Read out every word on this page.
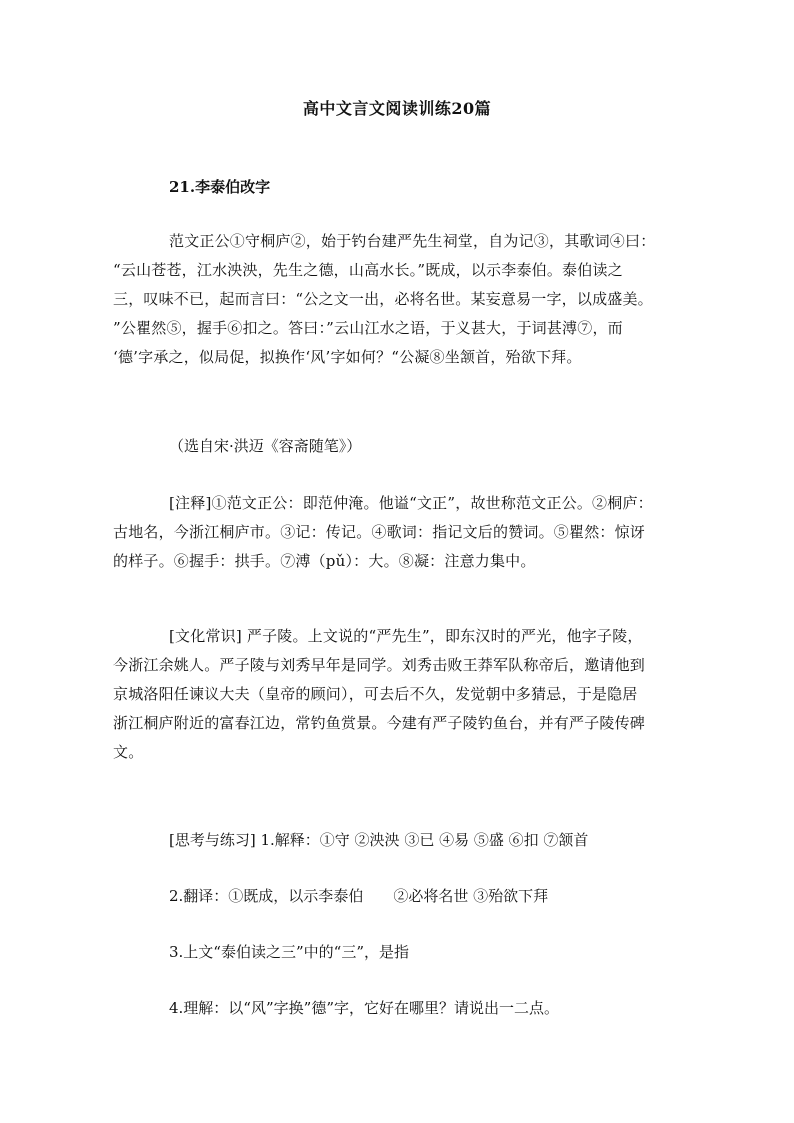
高中文言文阅读训练20篇
21.李泰伯改字
范文正公①守桐庐②，始于钓台建严先生祠堂，自为记③，其歌词④曰：
“云山苍苍，江水泱泱，先生之德，山高水长。”既成，以示李泰伯。泰伯读之
三，叹味不已，起而言曰：“公之文一出，必将名世。某妄意易一字，以成盛美。
”公瞿然⑤，握手⑥扣之。答曰：”云山江水之语，于义甚大，于词甚溥⑦，而
‘德’字承之，似局促，拟换作‘风’字如何？“公凝⑧坐颔首，殆欲下拜。
（选自宋·洪迈《容斋随笔》）
[注释]①范文正公：即范仲淹。他谥“文正”，故世称范文正公。②桐庐：
古地名，今浙江桐庐市。③记：传记。④歌词：指记文后的赞词。⑤瞿然：惊讶
的样子。⑥握手：拱手。⑦溥（pǔ）：大。⑧凝：注意力集中。
[文化常识] 严子陵。上文说的“严先生”，即东汉时的严光，他字子陵，
今浙江余姚人。严子陵与刘秀早年是同学。刘秀击败王莽军队称帝后，邀请他到
京城洛阳任谏议大夫（皇帝的顾问），可去后不久，发觉朝中多猜忌，于是隐居
浙江桐庐附近的富春江边，常钓鱼赏景。今建有严子陵钓鱼台，并有严子陵传碑
文。
[思考与练习] 1.解释：①守 ②泱泱 ③已 ④易 ⑤盛 ⑥扣 ⑦颔首
2.翻译：①既成，以示李泰伯　　②必将名世 ③殆欲下拜
3.上文“泰伯读之三”中的“三”，是指
4.理解：以“风”字换”德”字，它好在哪里？请说出一二点。
